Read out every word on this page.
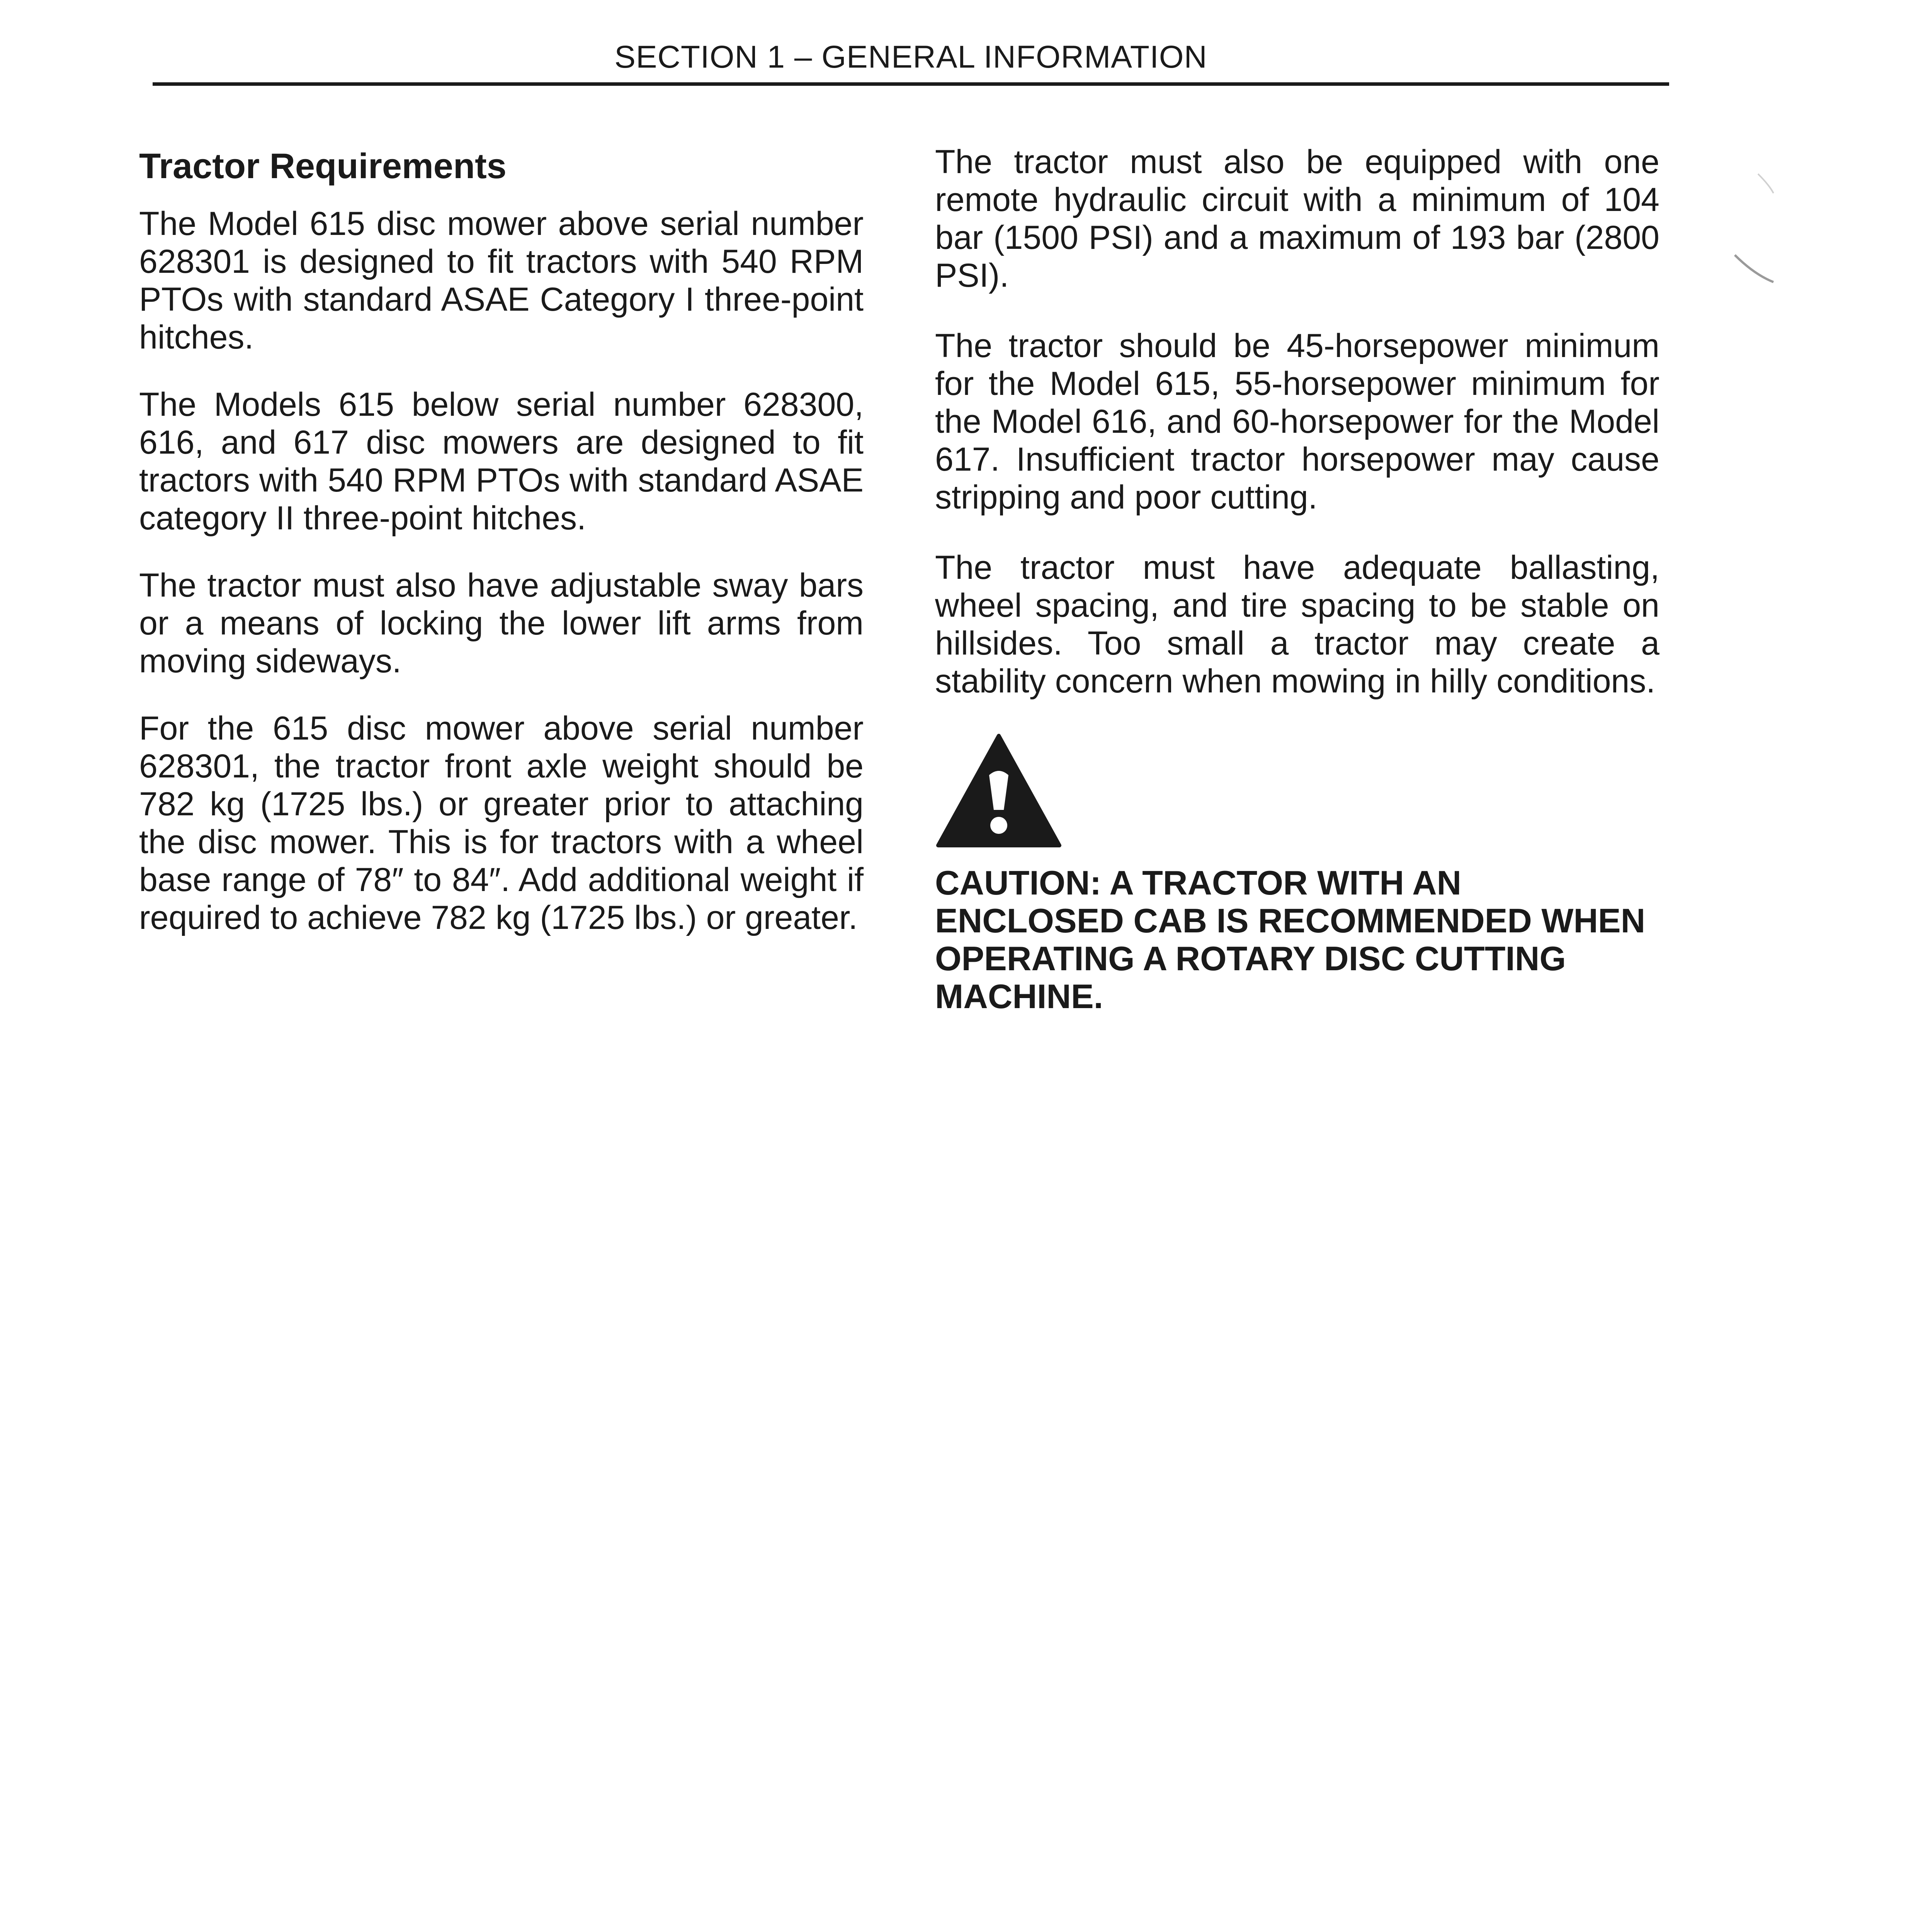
SECTION 1 – GENERAL INFORMATION
Tractor Requirements

The Model 615 disc mower above serial number 628301 is designed to fit tractors with 540 RPM PTOs with standard ASAE Category I three-point hitches.

The Models 615 below serial number 628300, 616, and 617 disc mowers are designed to fit tractors with 540 RPM PTOs with standard ASAE category II three-point hitches.

The tractor must also have adjustable sway bars or a means of locking the lower lift arms from moving sideways.

For the 615 disc mower above serial number 628301, the tractor front axle weight should be 782 kg (1725 lbs.) or greater prior to attaching the disc mower. This is for tractors with a wheel base range of 78″ to 84″. Add additional weight if required to achieve 782 kg (1725 lbs.) or greater.

The tractor must also be equipped with one remote hydraulic circuit with a minimum of 104 bar (1500 PSI) and a maximum of 193 bar (2800 PSI).

The tractor should be 45-horsepower minimum for the Model 615, 55-horsepower minimum for the Model 616, and 60-horsepower for the Model 617. Insufficient tractor horsepower may cause stripping and poor cutting.

The tractor must have adequate ballasting, wheel spacing, and tire spacing to be stable on hillsides. Too small a tractor may create a stability concern when mowing in hilly conditions.

CAUTION: A TRACTOR WITH AN ENCLOSED CAB IS RECOMMENDED WHEN OPERATING A ROTARY DISC CUTTING MACHINE.
